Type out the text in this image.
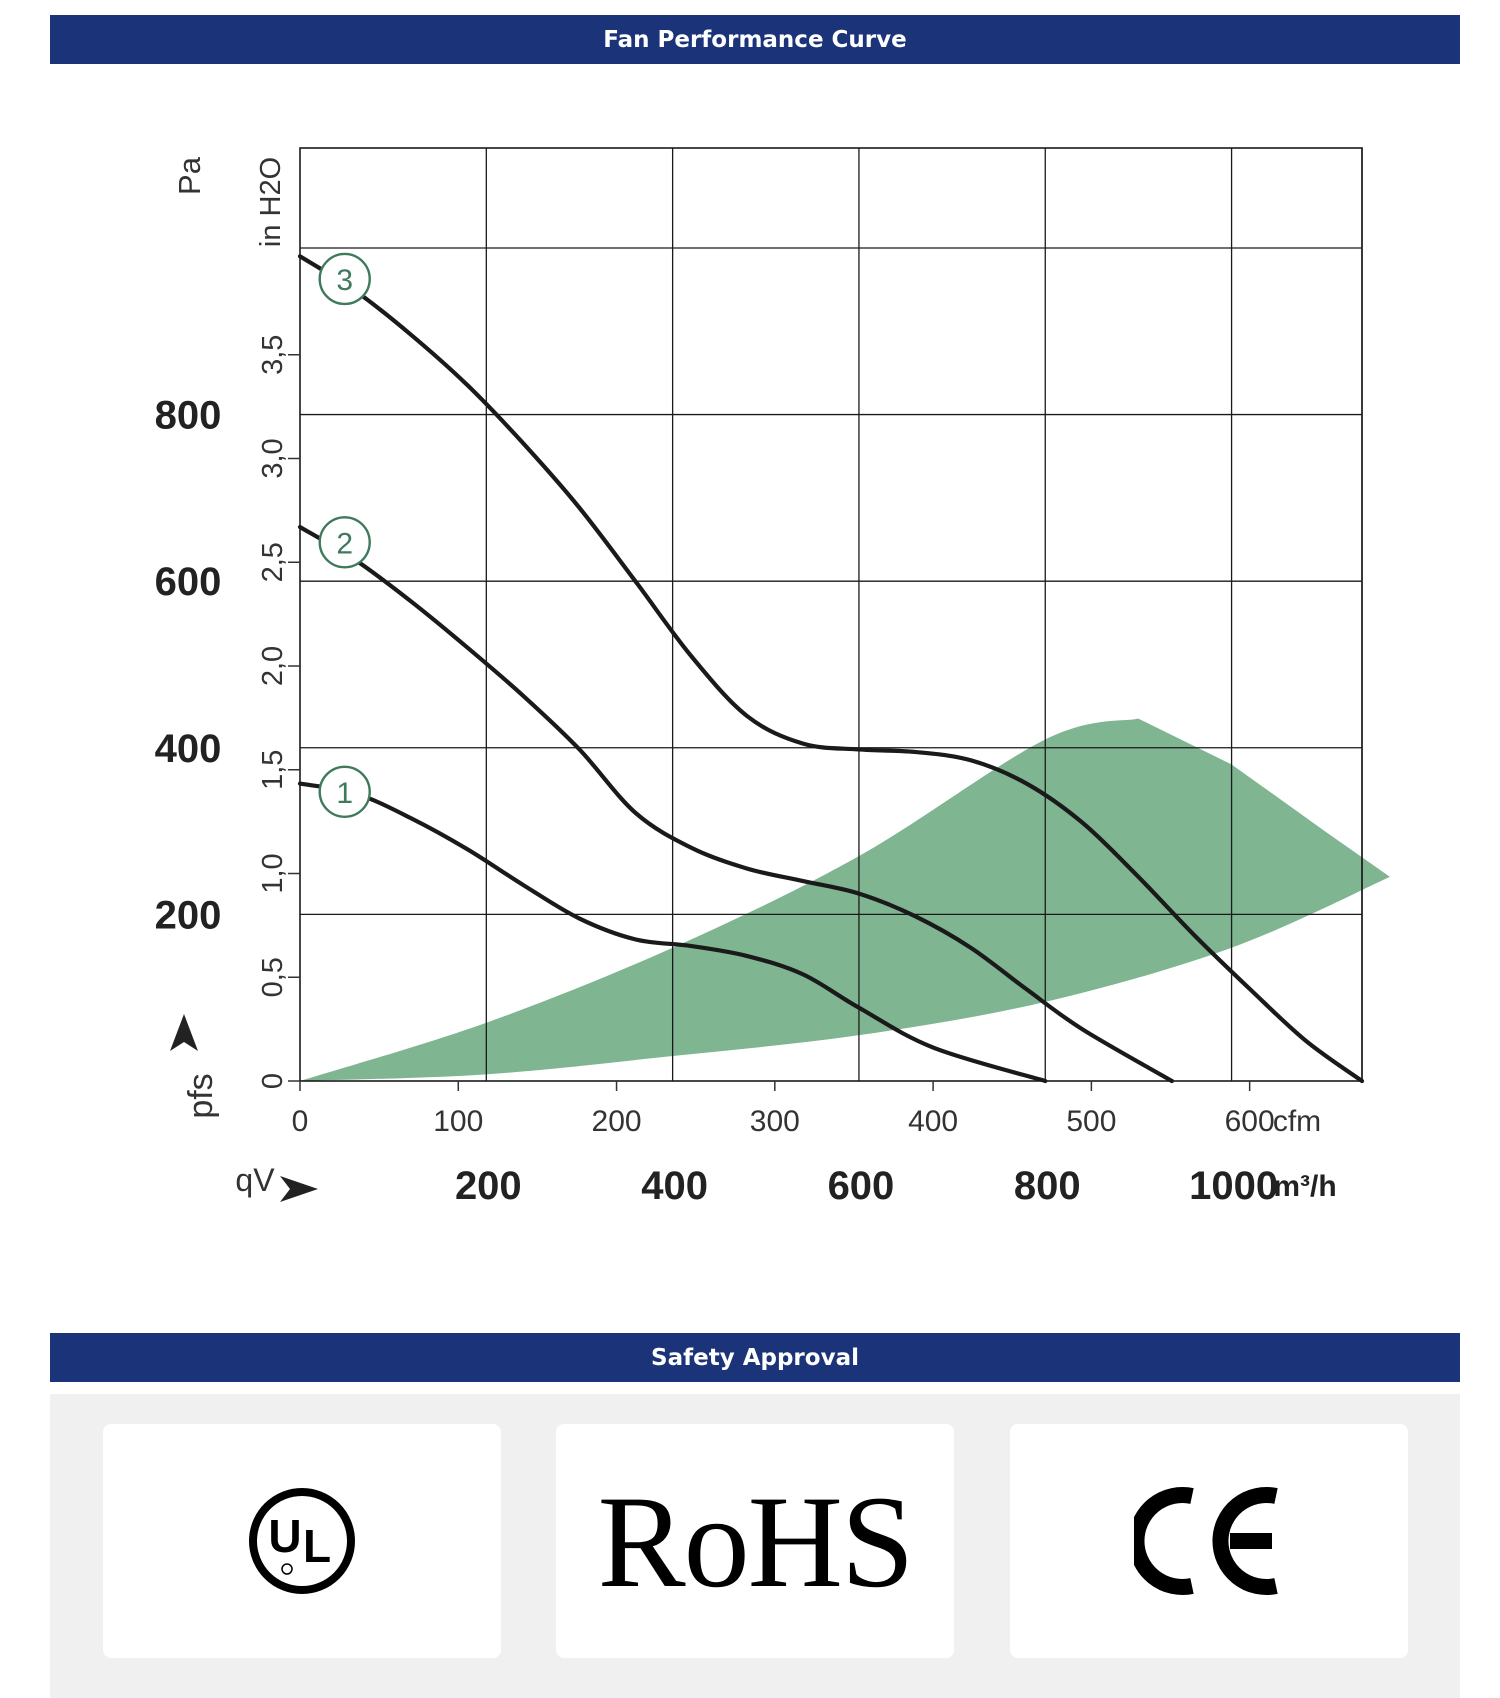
Fan Performance Curve
1
2
3
200
400
600
800
0
0,5
1,0
1,5
2,0
2,5
3,0
3,5
Pa in H2O
pfs
0	100	200	300	400	500	600
cfm
200	400	600	800	1000
m³/h
qV
Safety Approval
U L RoHS
